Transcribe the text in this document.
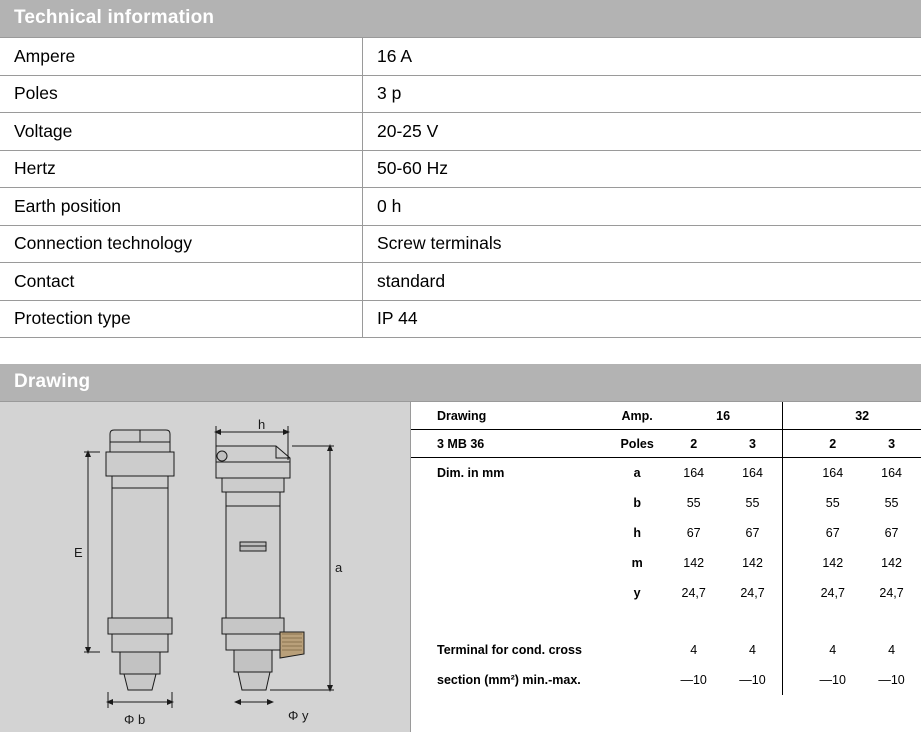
Technical information
Ampere	16 A
Poles	3 p
Voltage	20-25 V
Hertz	50-60 Hz
Earth position	0 h
Connection technology	Screw terminals
Contact	standard
Protection type	IP 44
Drawing
E
h
a
Φ b	Φ y
Drawing	Amp.	16			32	
3 MB 36	Poles	2	3		2	3
Dim. in mm	a	164	164		164	164
	b	55	55		55	55
	h	67	67		67	67
	m	142	142		142	142
	y	24,7	24,7		24,7	24,7

Terminal for cond. cross		4	4		4	4
section (mm²) min.-max.		—10	—10		—10	—10
